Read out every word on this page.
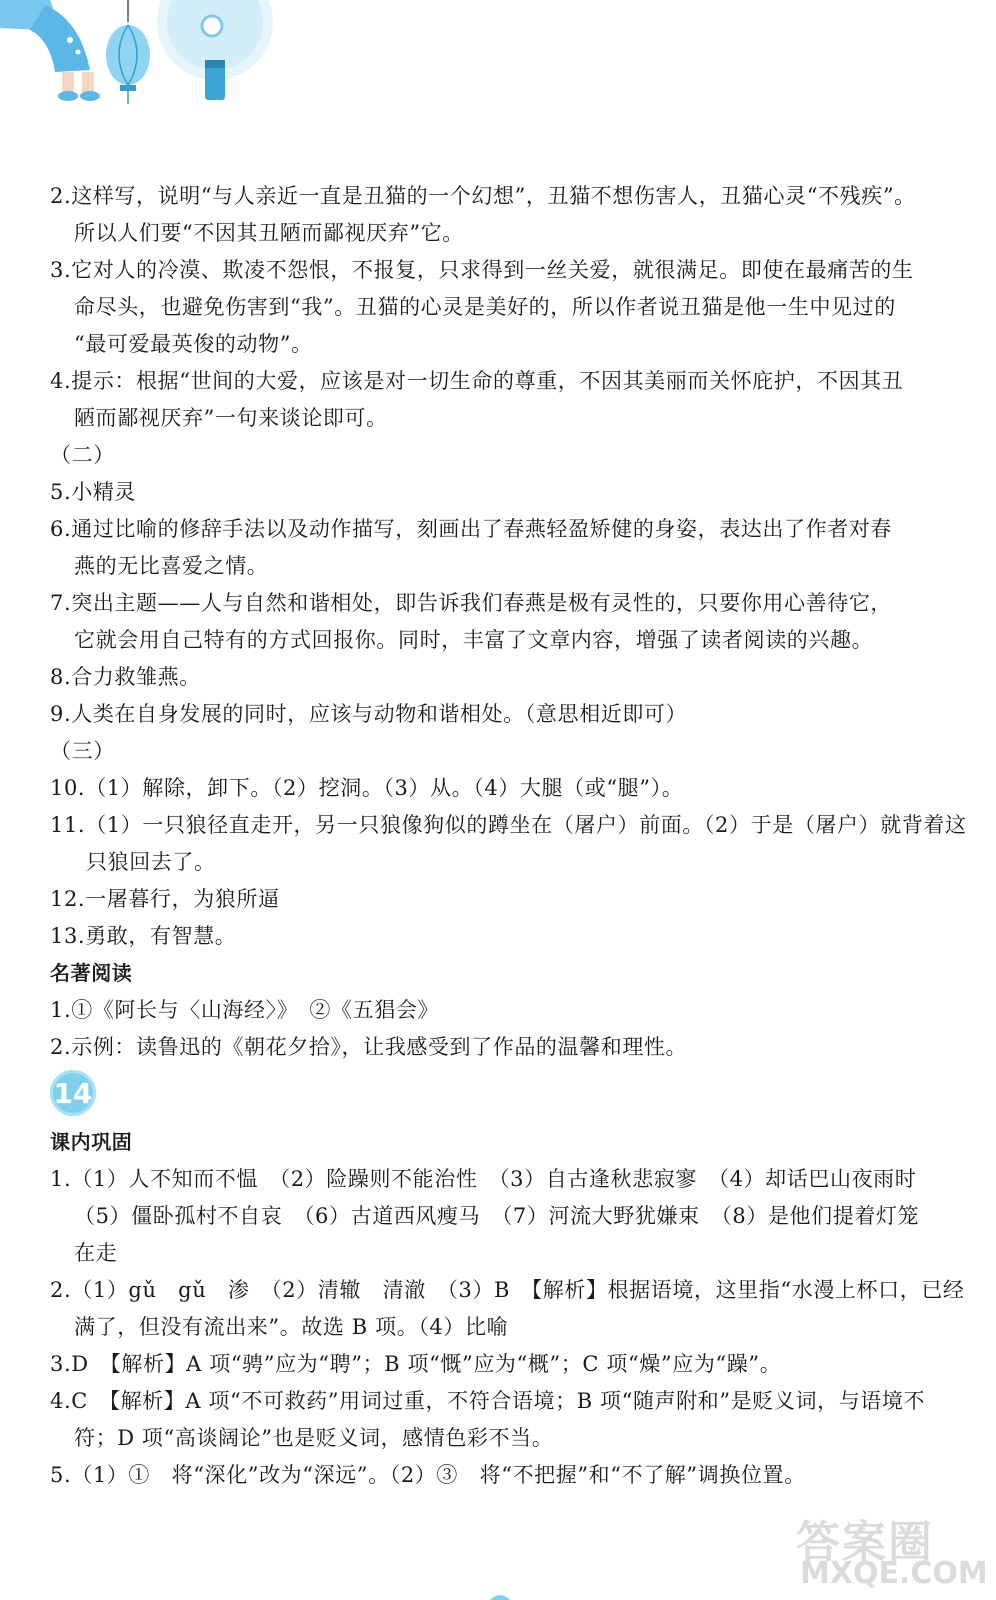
2.这样写，说明“与人亲近一直是丑猫的一个幻想”，丑猫不想伤害人，丑猫心灵“不残疾”。
所以人们要“不因其丑陋而鄙视厌弃”它。
3.它对人的冷漠、欺凌不怨恨，不报复，只求得到一丝关爱，就很满足。即使在最痛苦的生
命尽头，也避免伤害到“我”。丑猫的心灵是美好的，所以作者说丑猫是他一生中见过的
“最可爱最英俊的动物”。
4.提示：根据“世间的大爱，应该是对一切生命的尊重，不因其美丽而关怀庇护，不因其丑
陋而鄙视厌弃”一句来谈论即可。
（二）
5.小精灵
6.通过比喻的修辞手法以及动作描写，刻画出了春燕轻盈矫健的身姿，表达出了作者对春
燕的无比喜爱之情。
7.突出主题——人与自然和谐相处，即告诉我们春燕是极有灵性的，只要你用心善待它，
它就会用自己特有的方式回报你。同时，丰富了文章内容，增强了读者阅读的兴趣。
8.合力救雏燕。
9.人类在自身发展的同时，应该与动物和谐相处。（意思相近即可）
（三）
10.（1）解除，卸下。（2）挖洞。（3）从。（4）大腿（或“腿”）。
11.（1）一只狼径直走开，另一只狼像狗似的蹲坐在（屠户）前面。（2）于是（屠户）就背着这
只狼回去了。
12.一屠暮行，为狼所逼
13.勇敢，有智慧。
名著阅读
1.①《阿长与〈山海经〉》　②《五猖会》
2.示例：读鲁迅的《朝花夕拾》，让我感受到了作品的温馨和理性。
14
课内巩固
1.（1）人不知而不愠　（2）险躁则不能治性　（3）自古逢秋悲寂寥　（4）却话巴山夜雨时
（5）僵卧孤村不自哀　（6）古道西风瘦马　（7）河流大野犹嫌束　（8）是他们提着灯笼
在走
2.（1）gǔ　gǔ　渗　（2）清辙　清澈　（3）B　【解析】根据语境，这里指“水漫上杯口，已经
满了，但没有流出来”。故选 B 项。（4）比喻
3.D　【解析】A 项“骋”应为“聘”；B 项“慨”应为“概”；C 项“燥”应为“躁”。
4.C　【解析】A 项“不可救药”用词过重，不符合语境；B 项“随声附和”是贬义词，与语境不
符；D 项“高谈阔论”也是贬义词，感情色彩不当。
5.（1）①　将“深化”改为“深远”。（2）③　将“不把握”和“不了解”调换位置。
答案圈
MXQE.COM
